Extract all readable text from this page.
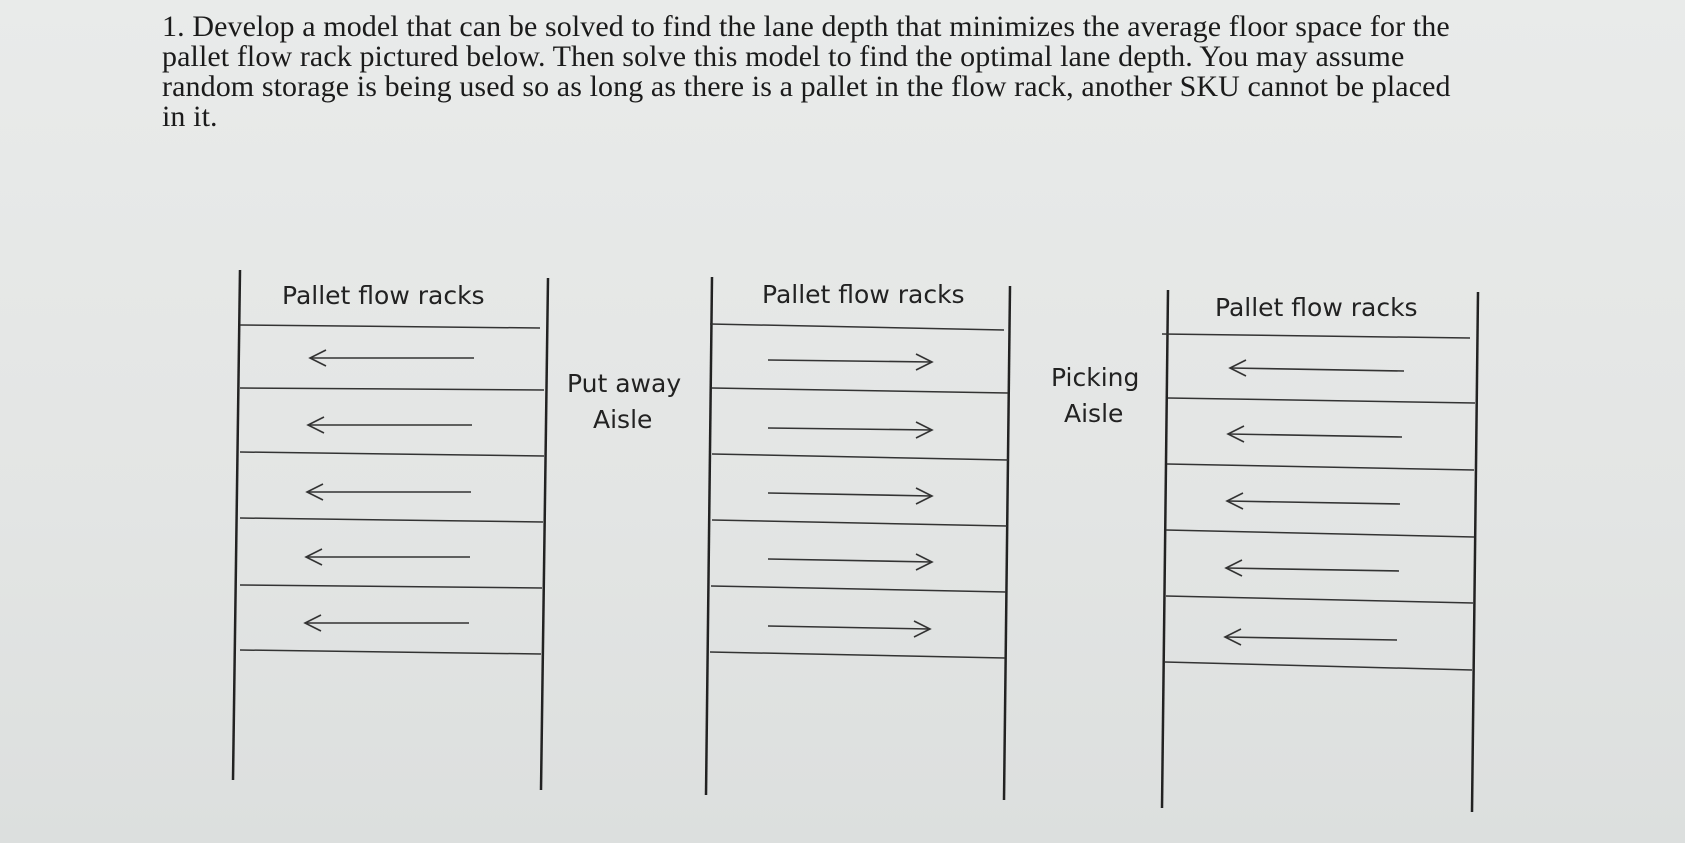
1. Develop a model that can be solved to find the lane depth that minimizes the average floor space for the
pallet flow rack pictured below. Then solve this model to find the optimal lane depth. You may assume
random storage is being used so as long as there is a pallet in the flow rack, another SKU cannot be placed
in it.
Pallet flow racks
Put away
Aisle
Pallet flow racks
Picking
Aisle
Pallet flow racks
